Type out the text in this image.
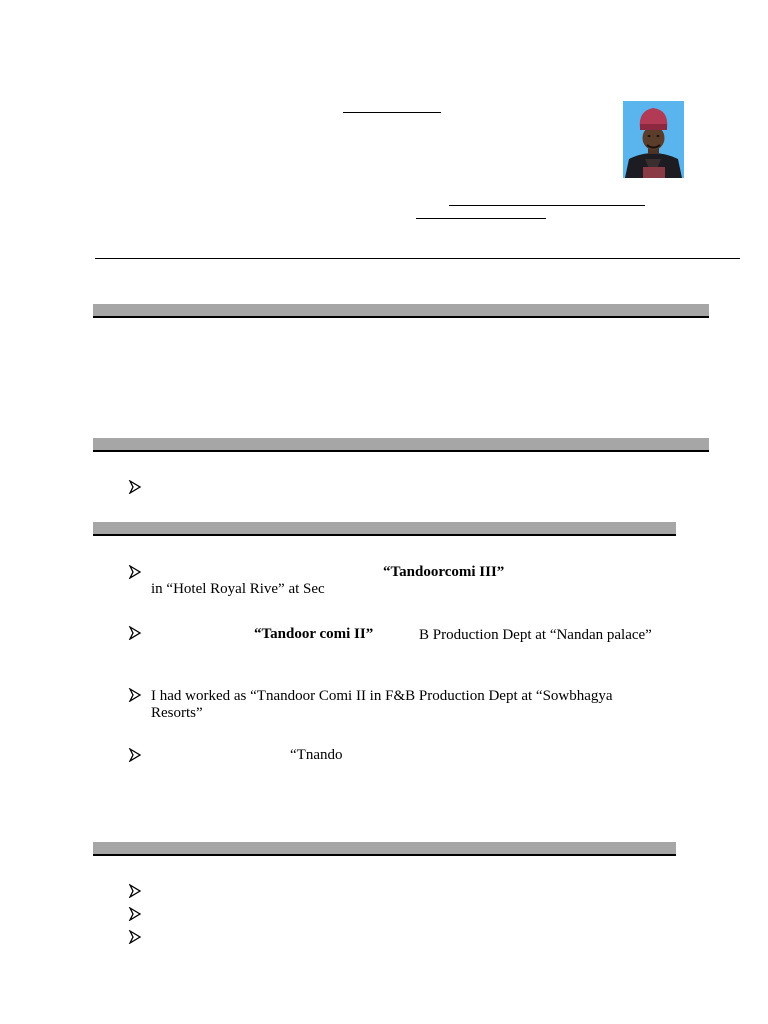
“Tandoorcomi III”
in “Hotel Royal Rive” at Sec
“Tandoor comi II”	B Production Dept at “Nandan palace”
I had worked as “Tnandoor Comi II in F&B Production Dept at “Sowbhagya
Resorts”
“Tnando
